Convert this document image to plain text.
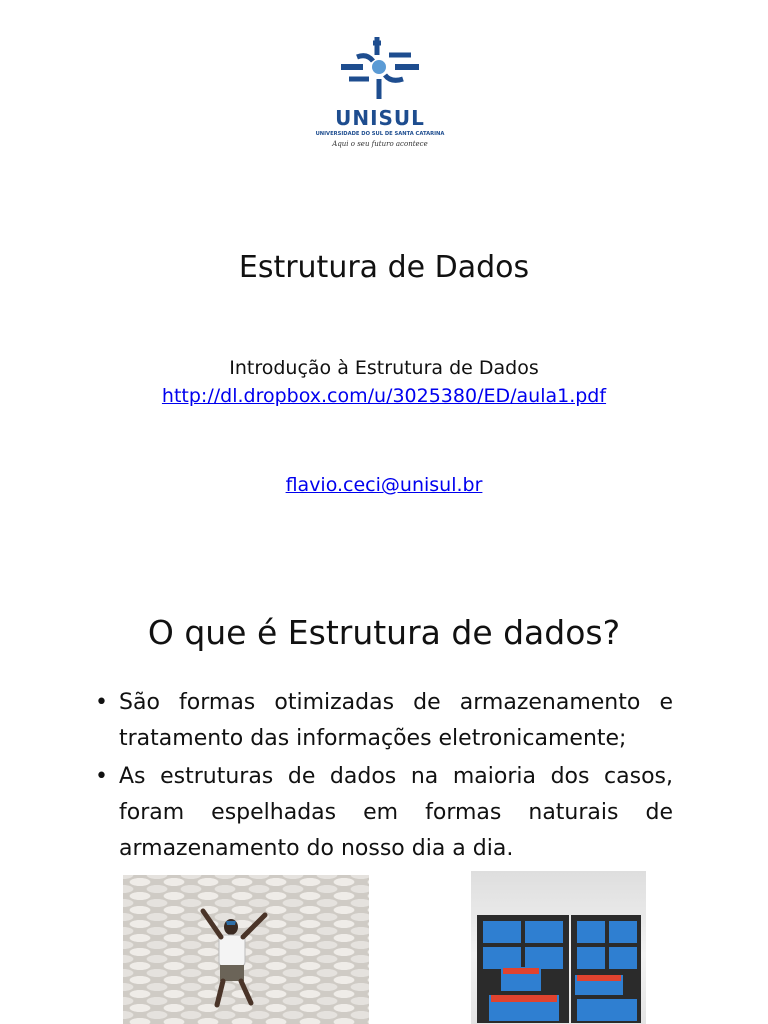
UNISUL
UNIVERSIDADE DO SUL DE SANTA CATARINA
Aqui o seu futuro acontece
Estrutura de Dados
Introdução à Estrutura de Dados
http://dl.dropbox.com/u/3025380/ED/aula1.pdf
flavio.ceci@unisul.br
O que é Estrutura de dados?
• São formas otimizadas de armazenamento e tratamento das informações eletronicamente;
• As estruturas de dados na maioria dos casos, foram espelhadas em formas naturais de armazenamento do nosso dia a dia.
